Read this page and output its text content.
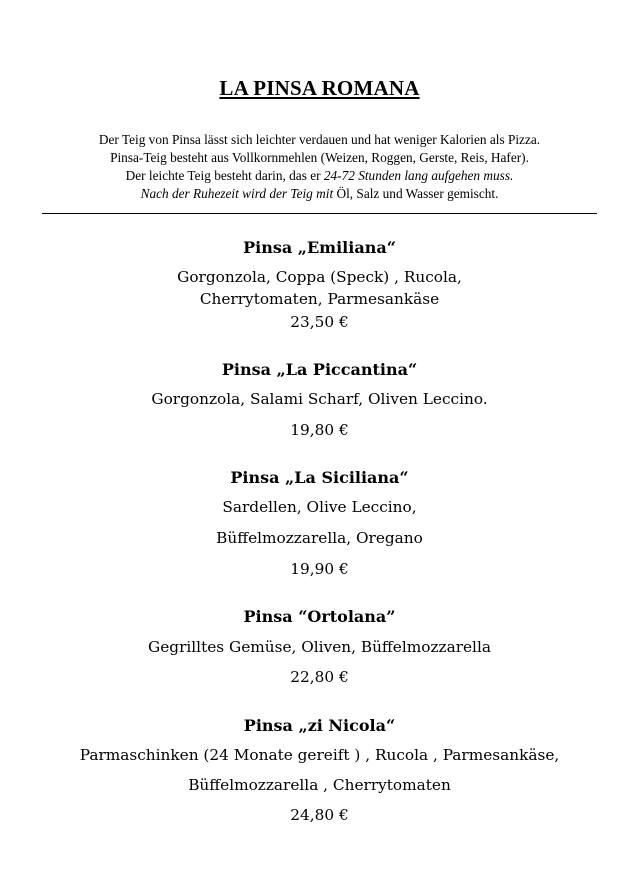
LA PINSA ROMANA
Der Teig von Pinsa lässt sich leichter verdauen und hat weniger Kalorien als Pizza.
Pinsa-Teig besteht aus Vollkornmehlen (Weizen, Roggen, Gerste, Reis, Hafer).
Der leichte Teig besteht darin, das er 24-72 Stunden lang aufgehen muss.
Nach der Ruhezeit wird der Teig mit Öl, Salz und Wasser gemischt.
Pinsa „Emiliana“
Gorgonzola, Coppa (Speck) , Rucola,
Cherrytomaten, Parmesankäse
23,50 €
Pinsa „La Piccantina“
Gorgonzola, Salami Scharf, Oliven Leccino.
19,80 €
Pinsa „La Siciliana“
Sardellen, Olive Leccino,
Büffelmozzarella, Oregano
19,90 €
Pinsa “Ortolana”
Gegrilltes Gemüse, Oliven, Büffelmozzarella
22,80 €
Pinsa „zi Nicola“
Parmaschinken (24 Monate gereift ) , Rucola , Parmesankäse,
Büffelmozzarella , Cherrytomaten
24,80 €
